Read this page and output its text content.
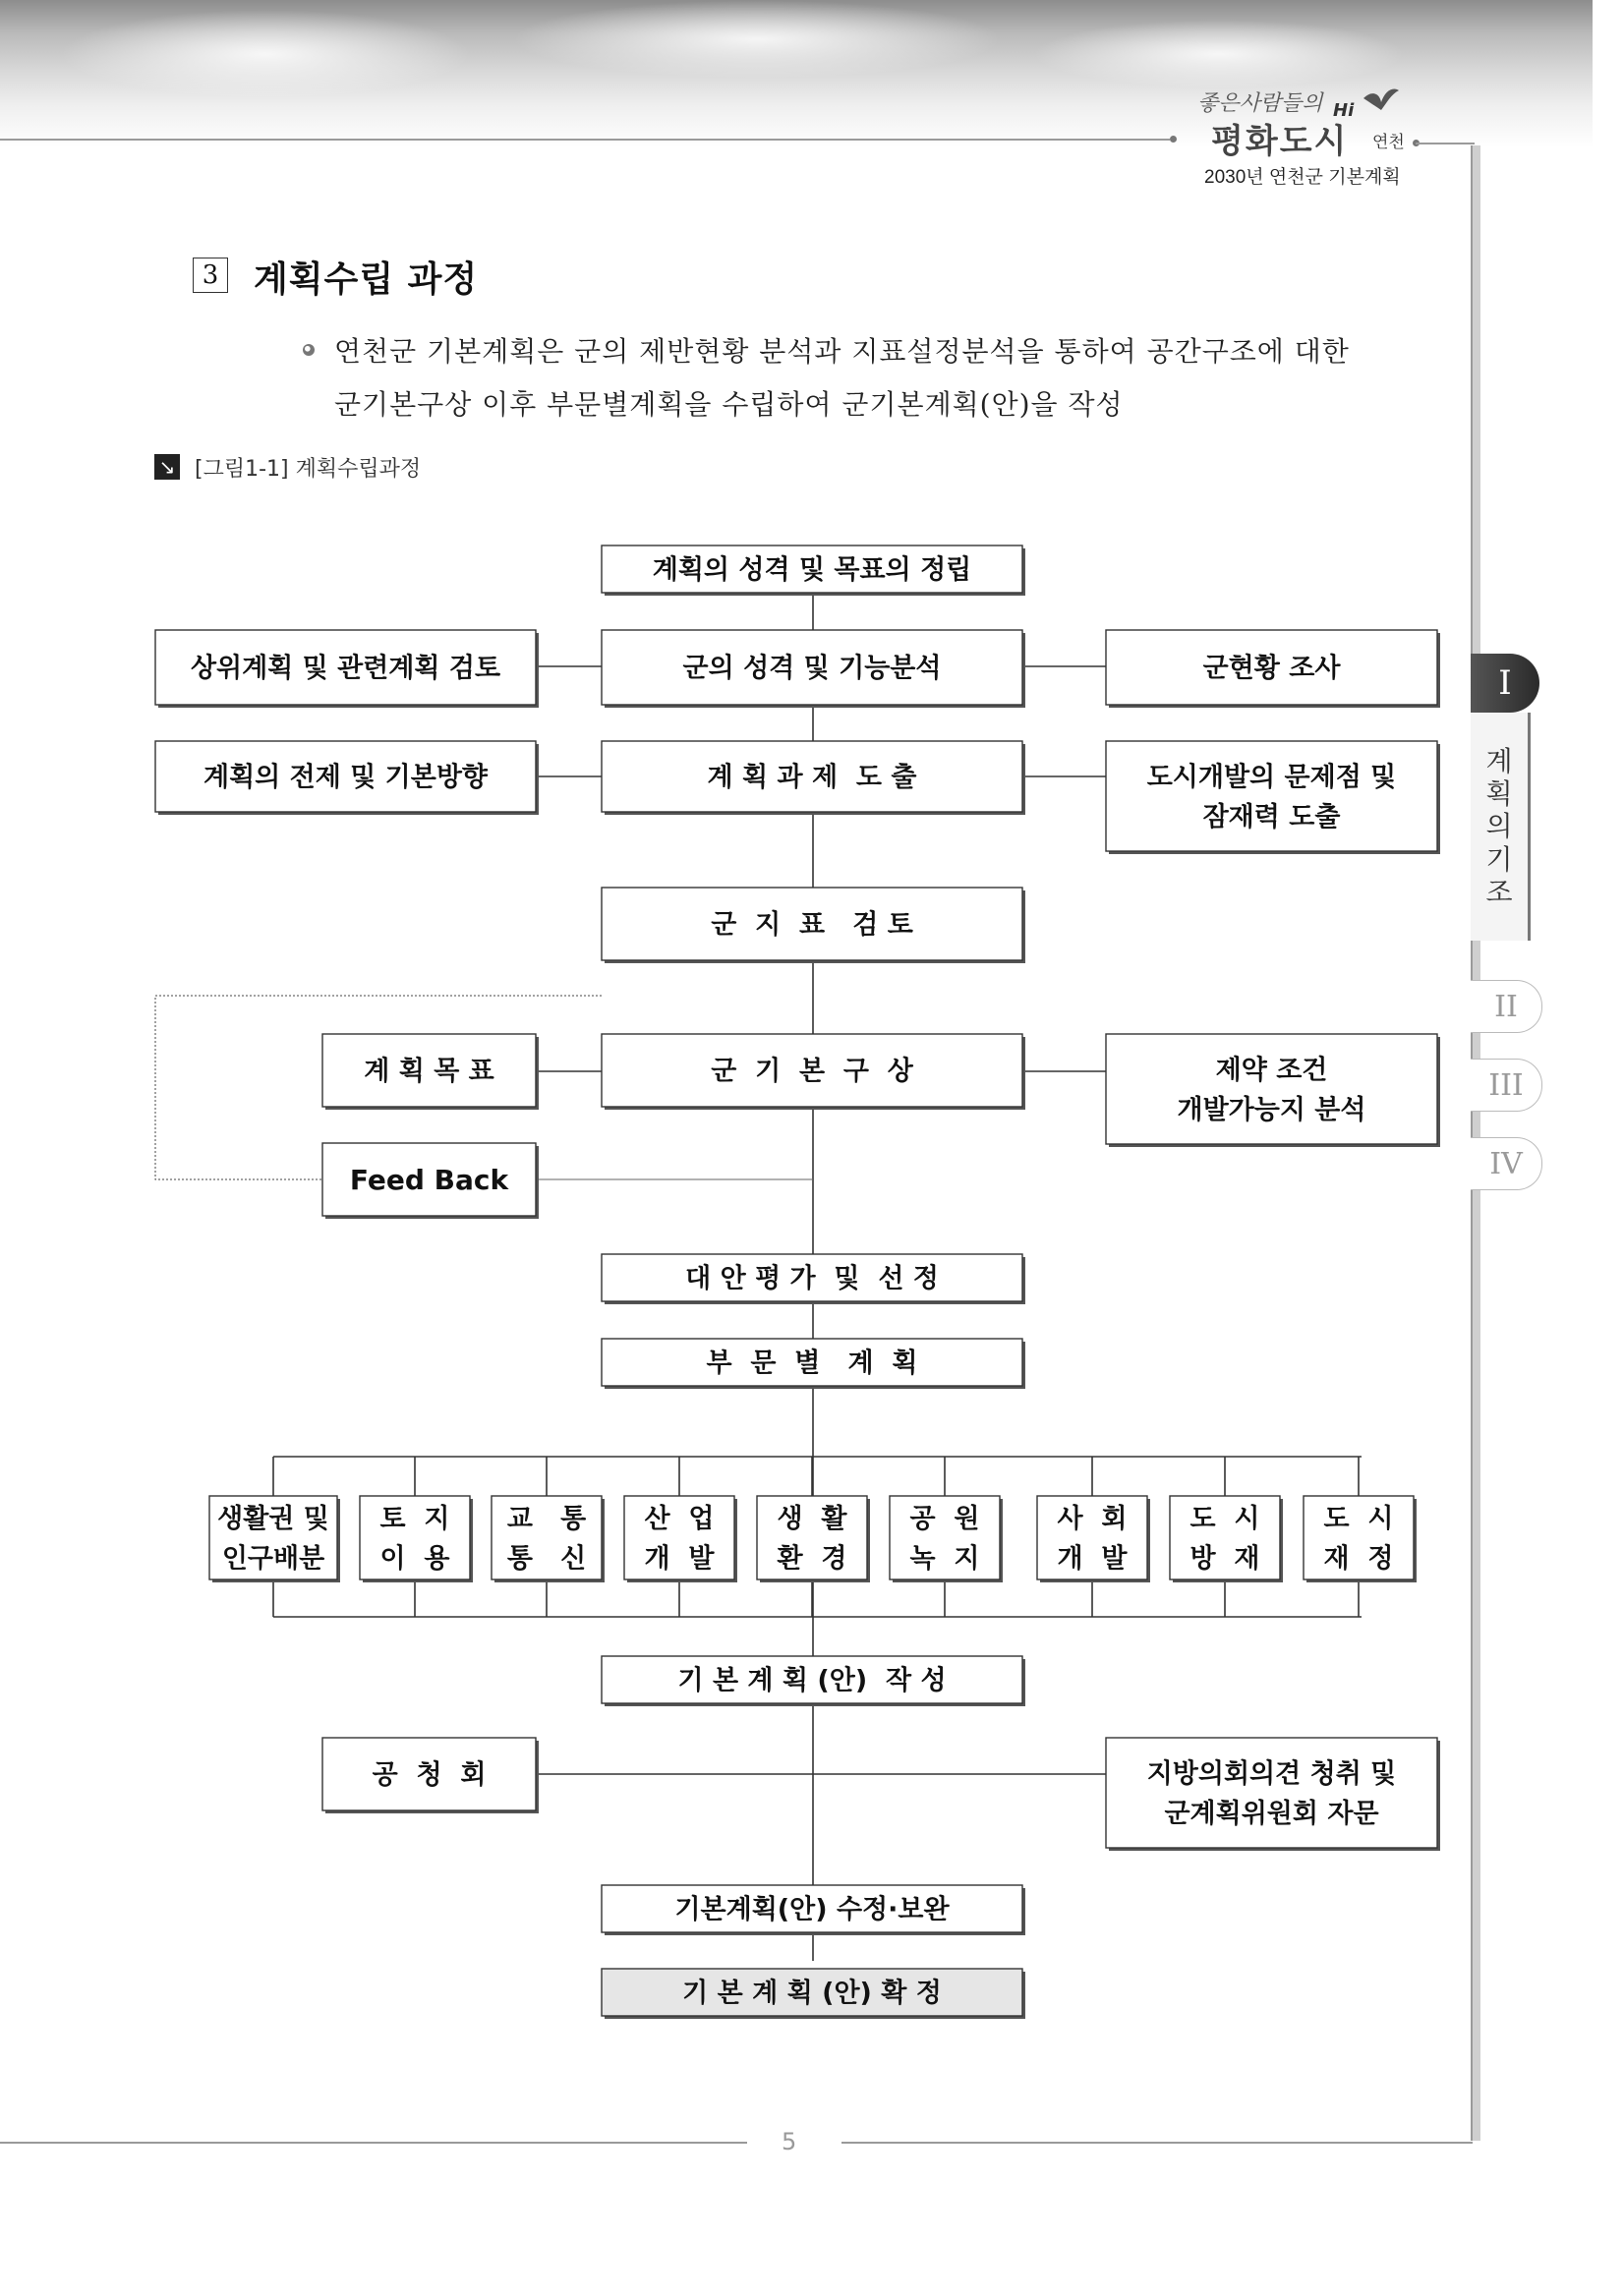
좋은사람들의
평화도시
Hi
연천
2030년 연천군 기본계획
3 계획수립 과정
연천군 기본계획은 군의 제반현황 분석과 지표설정분석을 통하여 공간구조에 대한
군기본구상 이후 부문별계획을 수립하여 군기본계획(안)을 작성
↘ [그림1-1] 계획수립과정
계획의 성격 및 목표의 정립
군의 성격 및 기능분석
계 획 과 제  도 출
군  지  표   검 토
군  기  본  구  상
대 안 평 가  및  선 정
부  문  별   계  획
기 본 계 획 (안)  작 성
기본계획(안) 수정·보완
기 본 계 획 (안) 확 정
상위계획 및 관련계획 검토
계획의 전제 및 기본방향
계 획 목 표
Feed Back
공  청  회
군현황 조사
도시개발의 문제점 및
잠재력 도출
제약 조건
개발가능지 분석
지방의회의견 청취 및
군계획위원회 자문
생활권 및
인구배분
토  지
이  용
교   통
통   신
산  업
개  발
생  활
환  경
공  원
녹  지
사  회
개  발
도  시
방  재
도  시
재  정
I
계
획
의
기
조
II
III
IV
5
